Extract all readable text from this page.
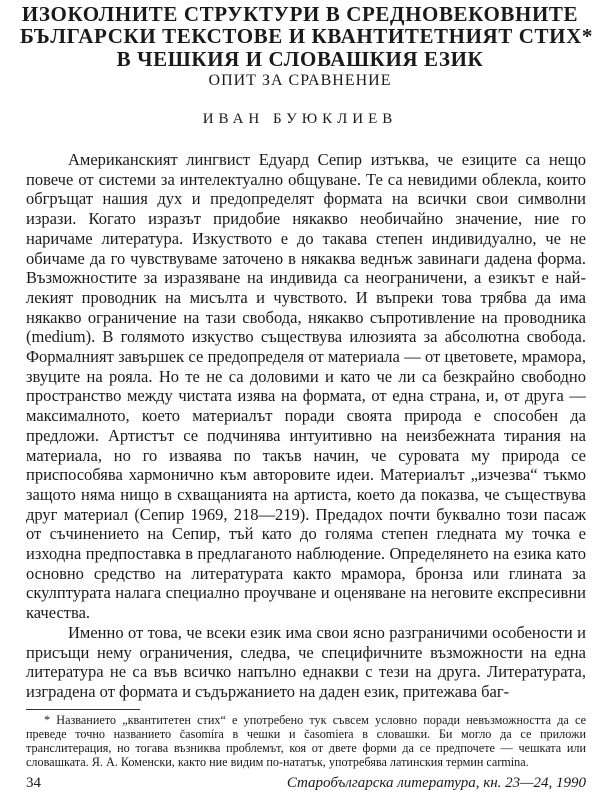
ИЗОКОЛНИТЕ СТРУКТУРИ В СРЕДНОВЕКОВНИТЕ
БЪЛГАРСКИ ТЕКСТОВЕ И КВАНТИТЕТНИЯТ СТИХ*
В ЧЕШКИЯ И СЛОВАШКИЯ ЕЗИК
ОПИТ ЗА СРАВНЕНИЕ
ИВАН БУЮКЛИЕВ

Американският лингвист Едуард Сепир изтъква, че езиците са нещо повече от системи за интелектуално общуване. Те са невидими облекла, които обгръщат нашия дух и предопределят формата на всички свои символни изрази. Когато изразът придобие някакво необичайно значение, ние го наричаме литература. Изкуството е до такава степен индивидуално, че не обичаме да го чувствуваме заточено в някаква веднъж завинаги дадена форма. Възможностите за изразяване на индивида са неограничени, а езикът е най-лекият проводник на мисълта и чувството. И въпреки това трябва да има някакво ограничение на тази свобода, някакво съпротивление на проводника (medium). В голямото изкуство съществува илюзията за абсолютна свобода. Формалният завършек се предопределя от материала — от цветовете, мрамора, звуците на рояла. Но те не са доловими и като че ли са безкрайно свободно пространство между чистата изява на формата, от една страна, и, от друга — максималното, което материалът поради своята природа е способен да предложи. Артистът се подчинява интуитивно на неизбежната тирания на материала, но го изваява по такъв начин, че суровата му природа се приспособява хармонично към авторовите идеи. Материалът „изчезва“ тъкмо защото няма нищо в схващанията на артиста, което да показва, че съществува друг материал (Сепир 1969, 218—219). Предадох почти буквално този пасаж от съчинението на Сепир, тъй като до голяма степен гледната му точка е изходна предпоставка в предлаганото наблюдение. Определянето на езика като основно средство на литературата както мрамора, бронза или глината за скулптурата налага специално проучване и оценяване на неговите експресивни качества.

Именно от това, че всеки език има свои ясно разграничими особености и присъщи нему ограничения, следва, че специфичните възможности на една литература не са във всичко напълно еднакви с тези на друга. Литературата, изградена от формата и съдържанието на даден език, притежава баг-

* Названието „квантитетен стих“ е употребено тук съвсем условно поради невъзможността да се преведе точно названието časomíra в чешки и časomiera в словашки. Би могло да се приложи транслитерация, но тогава възниква проблемът, коя от двете форми да се предпочете — чешката или словашката. Я. А. Коменски, както ние видим по-нататък, употребява латинския термин carmina.
34	Старобългарска литература, кн. 23—24, 1990
